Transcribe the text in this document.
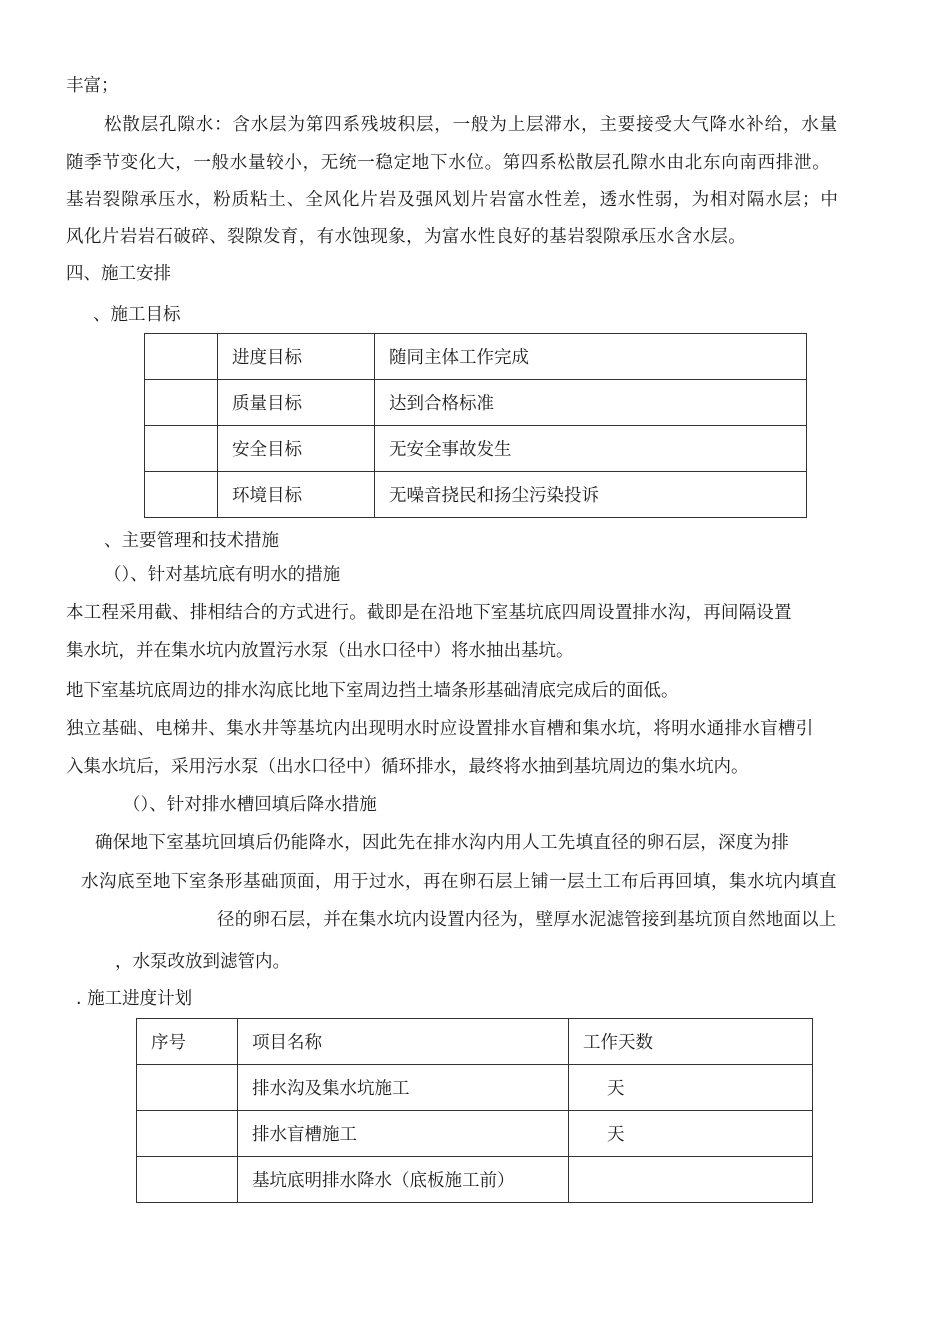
丰富；
松散层孔隙水：含水层为第四系残坡积层，一般为上层滞水，主要接受大气降水补给，水量
随季节变化大，一般水量较小，无统一稳定地下水位。第四系松散层孔隙水由北东向南西排泄。
基岩裂隙承压水，粉质粘土、全风化片岩及强风划片岩富水性差，透水性弱，为相对隔水层；中
风化片岩岩石破碎、裂隙发育，有水蚀现象，为富水性良好的基岩裂隙承压水含水层。
四、施工安排
、施工目标
	进度目标	随同主体工作完成
	质量目标	达到合格标准
	安全目标	无安全事故发生
	环境目标	无噪音挠民和扬尘污染投诉
、主要管理和技术措施
（）、针对基坑底有明水的措施
本工程采用截、排相结合的方式进行。截即是在沿地下室基坑底四周设置排水沟，再间隔设置
集水坑，并在集水坑内放置污水泵（出水口径中）将水抽出基坑。
地下室基坑底周边的排水沟底比地下室周边挡土墙条形基础清底完成后的面低。
独立基础、电梯井、集水井等基坑内出现明水时应设置排水盲槽和集水坑，将明水通排水盲槽引
入集水坑后，采用污水泵（出水口径中）循环排水，最终将水抽到基坑周边的集水坑内。
（）、针对排水槽回填后降水措施
确保地下室基坑回填后仍能降水，因此先在排水沟内用人工先填直径的卵石层，深度为排
水沟底至地下室条形基础顶面，用于过水，再在卵石层上铺一层土工布后再回填，集水坑内填直
径的卵石层，并在集水坑内设置内径为，壁厚水泥滤管接到基坑顶自然地面以上
，水泵改放到滤管内。
. 施工进度计划
序号	项目名称	工作天数
	排水沟及集水坑施工	天
	排水盲槽施工	天
	基坑底明排水降水（底板施工前）	
